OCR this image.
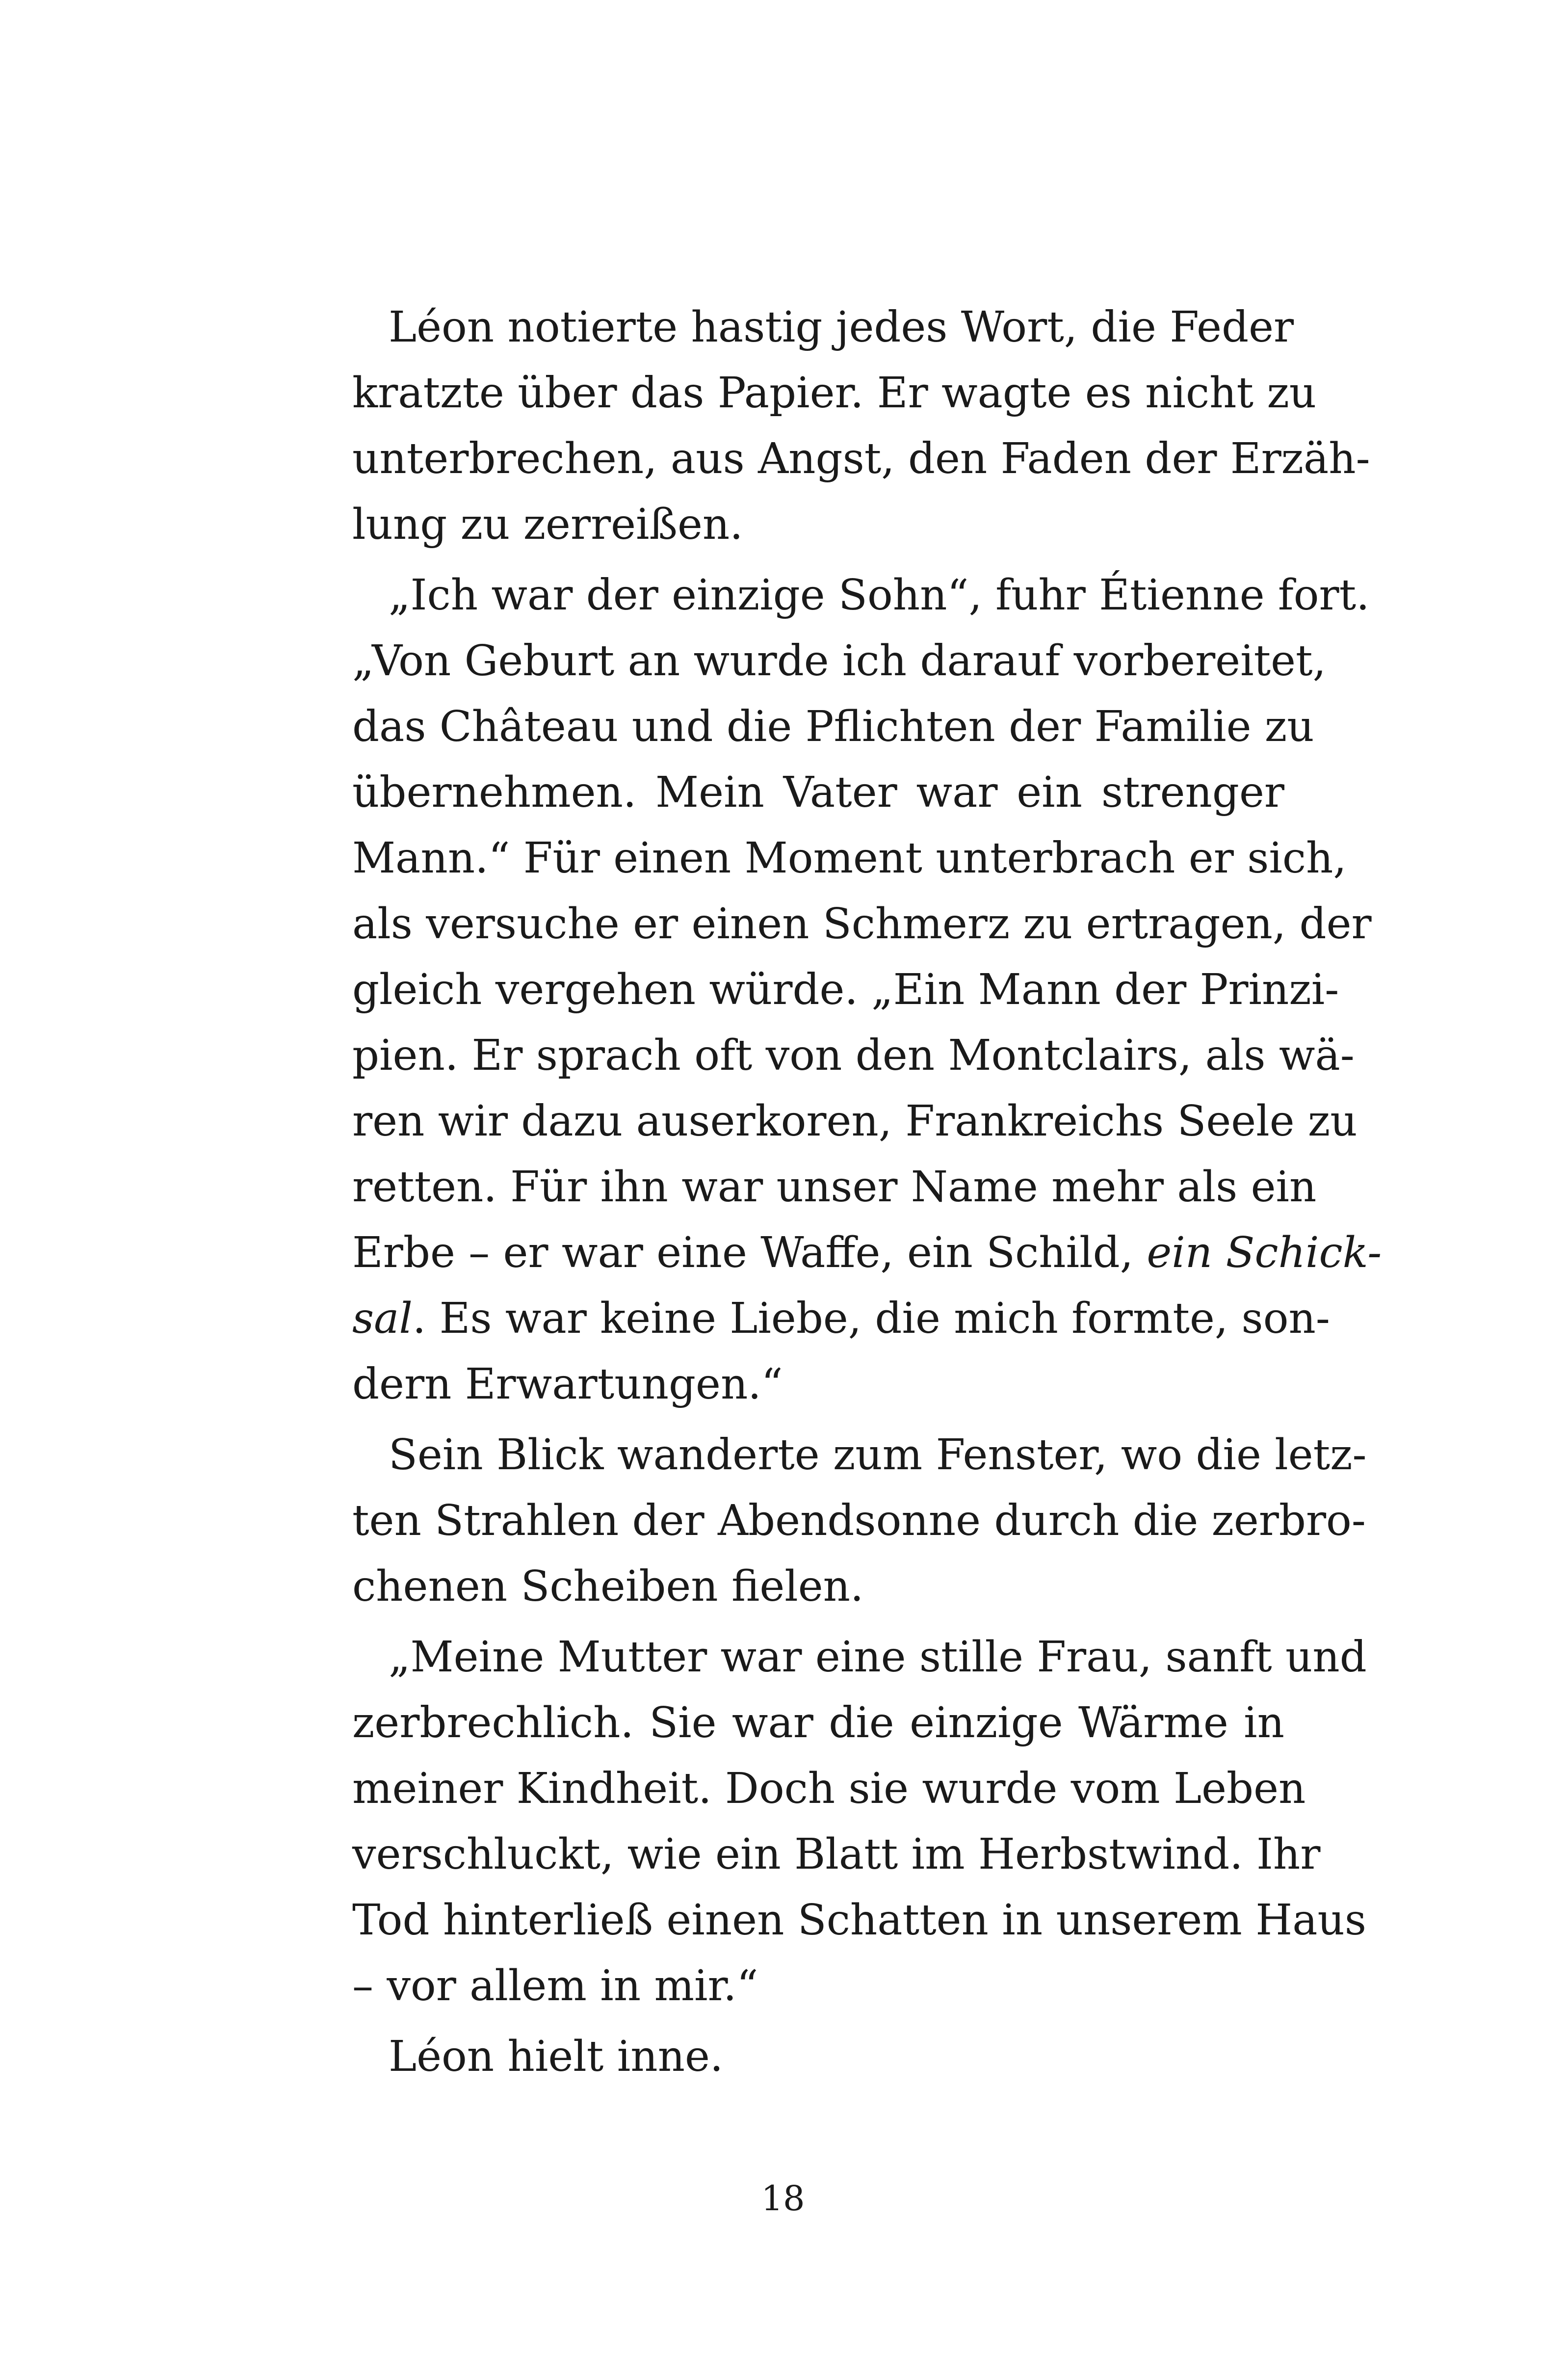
Léon notierte hastig jedes Wort, die Feder
kratzte über das Papier. Er wagte es nicht zu
unterbrechen, aus Angst, den Faden der Erzäh-
lung zu zerreißen.
„Ich war der einzige Sohn“, fuhr Étienne fort.
„Von Geburt an wurde ich darauf vorbereitet,
das Château und die Pflichten der Familie zu
übernehmen. Mein Vater war ein strenger
Mann.“ Für einen Moment unterbrach er sich,
als versuche er einen Schmerz zu ertragen, der
gleich vergehen würde. „Ein Mann der Prinzi-
pien. Er sprach oft von den Montclairs, als wä-
ren wir dazu auserkoren, Frankreichs Seele zu
retten. Für ihn war unser Name mehr als ein
Erbe – er war eine Waffe, ein Schild, ein Schick-
sal. Es war keine Liebe, die mich formte, son-
dern Erwartungen.“
Sein Blick wanderte zum Fenster, wo die letz-
ten Strahlen der Abendsonne durch die zerbro-
chenen Scheiben fielen.
„Meine Mutter war eine stille Frau, sanft und
zerbrechlich. Sie war die einzige Wärme in
meiner Kindheit. Doch sie wurde vom Leben
verschluckt, wie ein Blatt im Herbstwind. Ihr
Tod hinterließ einen Schatten in unserem Haus
– vor allem in mir.“
Léon hielt inne.
18
